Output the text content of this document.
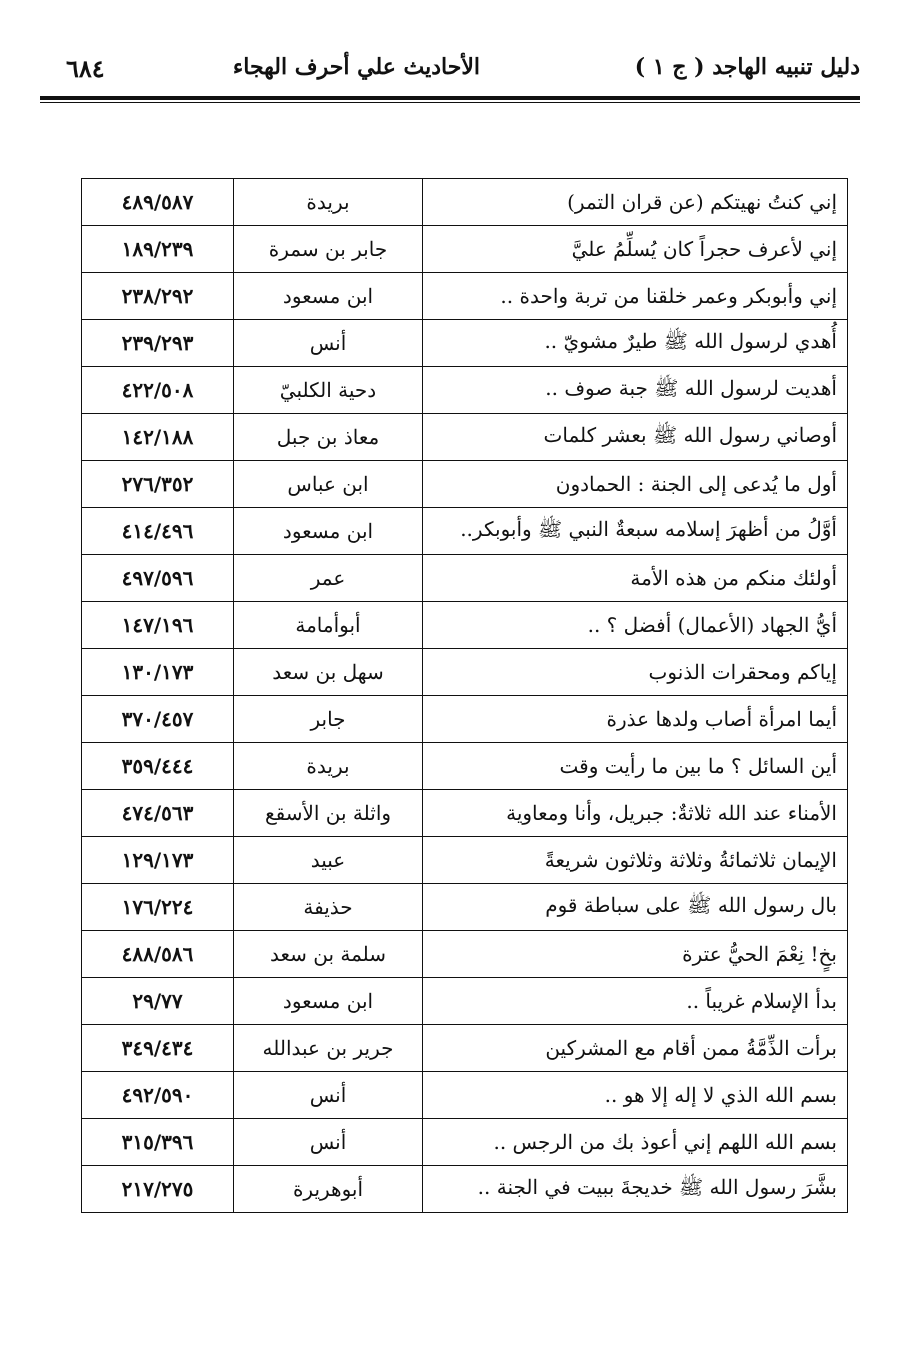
دليل تنبيه الهاجد ( ج ١ )
الأحاديث علي أحرف الهجاء
٦٨٤
إني كنتُ نهيتكم (عن قران التمر)	بريدة	٤٨٩/٥٨٧
إني لأعرف حجراً كان يُسلِّمُ عليَّ	جابر بن سمرة	١٨٩/٢٣٩
إني وأبوبكر وعمر خلقنا من تربة واحدة ..	ابن مسعود	٢٣٨/٢٩٢
أُهدي لرسول الله ﷺ طيرٌ مشويّ ..	أنس	٢٣٩/٢٩٣
أهديت لرسول الله ﷺ جبة صوف ..	دحية الكلبيّ	٤٢٢/٥٠٨
أوصاني رسول الله ﷺ بعشر كلمات	معاذ بن جبل	١٤٢/١٨٨
أول ما يُدعى إلى الجنة : الحمادون	ابن عباس	٢٧٦/٣٥٢
أوَّلُ من أظهرَ إسلامه سبعةٌ النبي ﷺ وأبوبكر..	ابن مسعود	٤١٤/٤٩٦
أولئك منكم من هذه الأمة	عمر	٤٩٧/٥٩٦
أيُّ الجهاد (الأعمال) أفضل ؟ ..	أبوأمامة	١٤٧/١٩٦
إياكم ومحقرات الذنوب	سهل بن سعد	١٣٠/١٧٣
أيما امرأة أصاب ولدها عذرة	جابر	٣٧٠/٤٥٧
أين السائل ؟ ما بين ما رأيت وقت	بريدة	٣٥٩/٤٤٤
الأمناء عند الله ثلاثةٌ: جبريل، وأنا ومعاوية	واثلة بن الأسقع	٤٧٤/٥٦٣
الإيمان ثلاثمائةُ وثلاثة وثلاثون شريعةً	عبيد	١٢٩/١٧٣
بال رسول الله ﷺ على سباطة قوم	حذيفة	١٧٦/٢٢٤
بخٍ! نِعْمَ الحيُّ عترة	سلمة بن سعد	٤٨٨/٥٨٦
بدأ الإسلام غريباً ..	ابن مسعود	٢٩/٧٧
برأت الذِّمَّةُ ممن أقام مع المشركين	جرير بن عبدالله	٣٤٩/٤٣٤
بسم الله الذي لا إله إلا هو ..	أنس	٤٩٢/٥٩٠
بسم الله اللهم إني أعوذ بك من الرجس ..	أنس	٣١٥/٣٩٦
بشَّرَ رسول الله ﷺ خديجةَ ببيت في الجنة ..	أبوهريرة	٢١٧/٢٧٥
